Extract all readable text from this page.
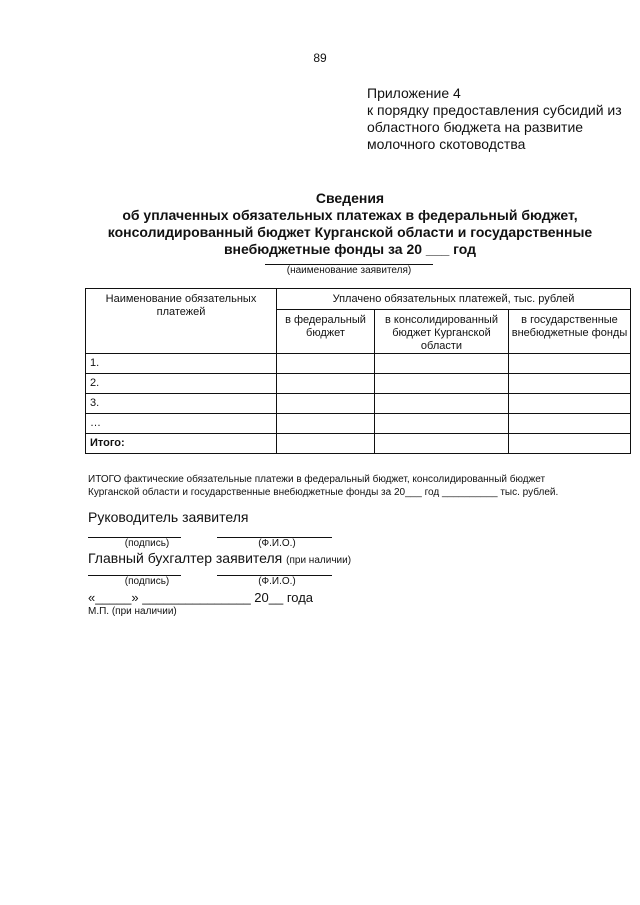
89
Приложение 4
к порядку предоставления субсидий из
областного бюджета на развитие
молочного скотоводства
Сведения
об уплаченных обязательных платежах в федеральный бюджет,
консолидированный бюджет Курганской области и государственные
внебюджетные фонды за 20 ___ год
(наименование заявителя)
Наименование обязательных платежей	Уплачено обязательных платежей, тыс. рублей		
	в федеральный бюджет	в консолидированный бюджет Курганской области	в государственные внебюджетные фонды
1.			
2.			
3.			
…			
Итого:			
ИТОГО фактические обязательные платежи в федеральный бюджет, консолидированный бюджет
Курганской области и государственные внебюджетные фонды за 20___ год __________ тыс. рублей.
Руководитель заявителя
(подпись)	(Ф.И.О.)
Главный бухгалтер заявителя (при наличии)
(подпись)	(Ф.И.О.)
«_____» _______________ 20__ года
М.П. (при наличии)
